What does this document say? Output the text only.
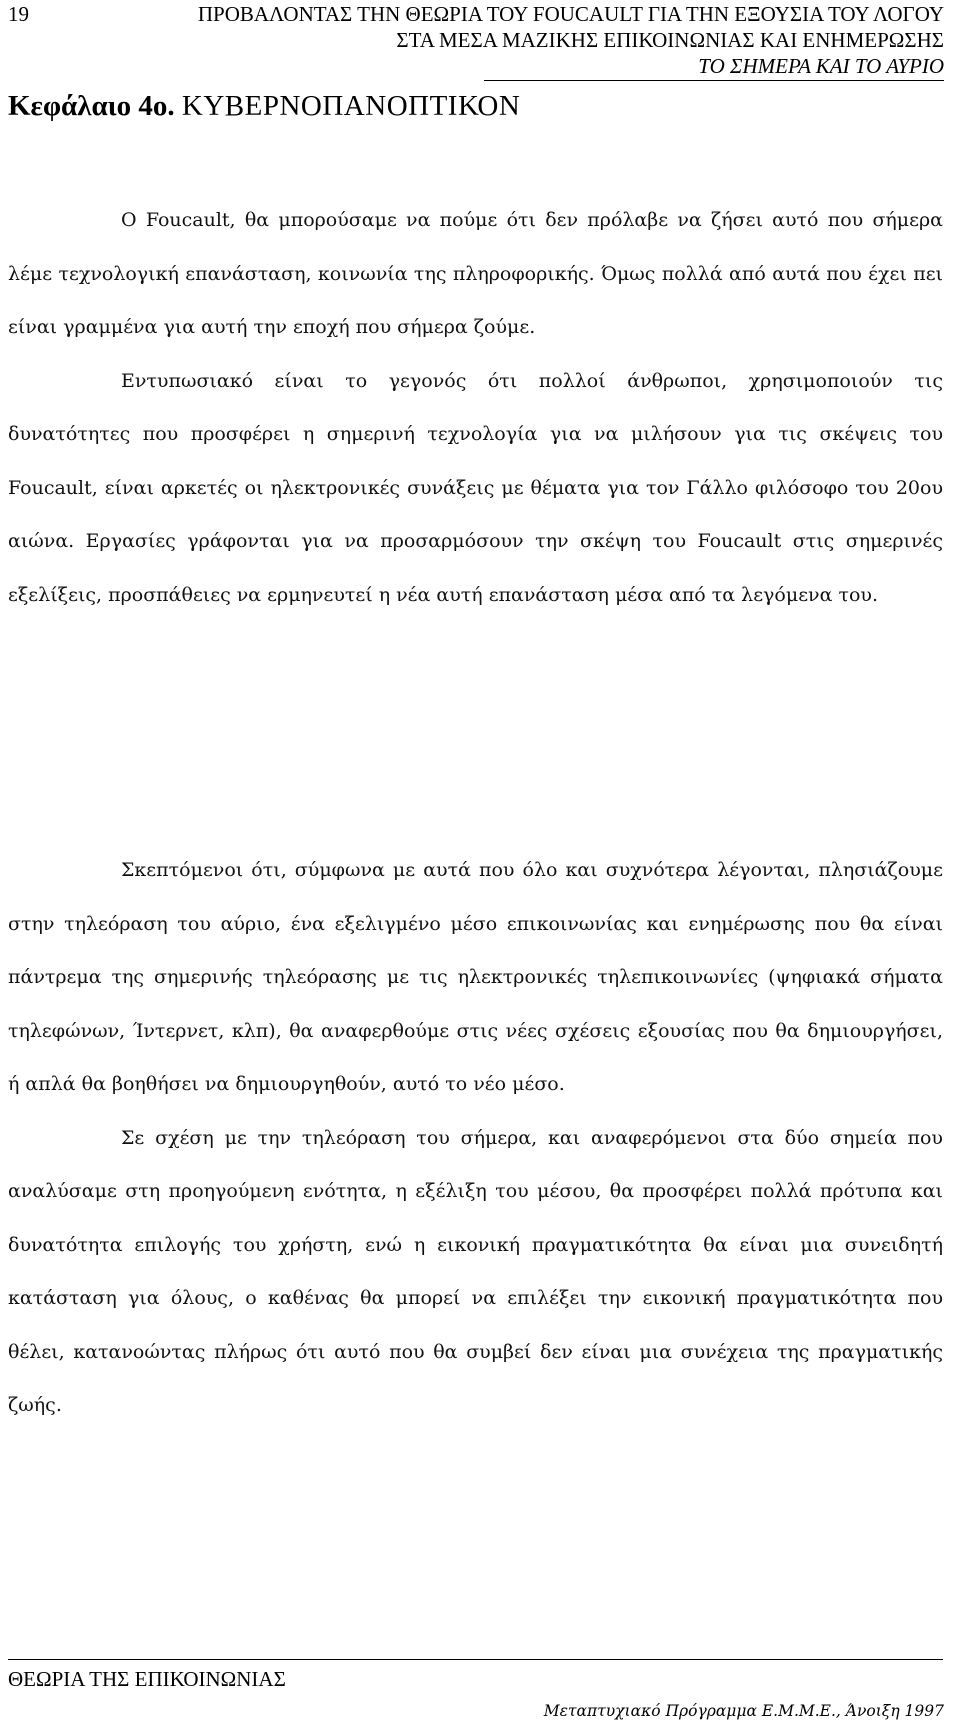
19	ΠΡΟΒΑΛΟΝΤΑΣ ΤΗΝ ΘΕΩΡΙΑ ΤΟΥ FOUCAULT ΓΙΑ ΤΗΝ ΕΞΟΥΣΙΑ ΤΟΥ ΛΟΓΟΥ
ΣΤΑ ΜΕΣΑ ΜΑΖΙΚΗΣ ΕΠΙΚΟΙΝΩΝΙΑΣ ΚΑΙ ΕΝΗΜΕΡΩΣΗΣ
ΤΟ ΣΗΜΕΡΑ ΚΑΙ ΤΟ ΑΥΡΙΟ
Κεφάλαιο 4ο. ΚΥΒΕΡΝΟΠΑΝΟΠΤΙΚΟΝ

Ο Foucault, θα μπορούσαμε να πούμε ότι δεν πρόλαβε να ζήσει αυτό που σήμερα λέμε τεχνολογική επανάσταση, κοινωνία της πληροφορικής. Όμως πολλά από αυτά που έχει πει είναι γραμμένα για αυτή την εποχή που σήμερα ζούμε.

Εντυπωσιακό είναι το γεγονός ότι πολλοί άνθρωποι, χρησιμοποιούν τις δυνατότητες που προσφέρει η σημερινή τεχνολογία για να μιλήσουν για τις σκέψεις του Foucault, είναι αρκετές οι ηλεκτρονικές συνάξεις με θέματα για τον Γάλλο φιλόσοφο του 20ου αιώνα. Εργασίες γράφονται για να προσαρμόσουν την σκέψη του Foucault στις σημερινές εξελίξεις, προσπάθειες να ερμηνευτεί η νέα αυτή επανάσταση μέσα από τα λεγόμενα του.

Σκεπτόμενοι ότι, σύμφωνα με αυτά που όλο και συχνότερα λέγονται, πλησιάζουμε στην τηλεόραση του αύριο, ένα εξελιγμένο μέσο επικοινωνίας και ενημέρωσης που θα είναι πάντρεμα της σημερινής τηλεόρασης με τις ηλεκτρονικές τηλεπικοινωνίες (ψηφιακά σήματα τηλεφώνων, Ίντερνετ, κλπ), θα αναφερθούμε στις νέες σχέσεις εξουσίας που θα δημιουργήσει, ή απλά θα βοηθήσει να δημιουργηθούν, αυτό το νέο μέσο.

Σε σχέση με την τηλεόραση του σήμερα, και αναφερόμενοι στα δύο σημεία που αναλύσαμε στη προηγούμενη ενότητα, η εξέλιξη του μέσου, θα προσφέρει πολλά πρότυπα και δυνατότητα επιλογής του χρήστη, ενώ η εικονική πραγματικότητα θα είναι μια συνειδητή κατάσταση για όλους, ο καθένας θα μπορεί να επιλέξει την εικονική πραγματικότητα που θέλει, κατανοώντας πλήρως ότι αυτό που θα συμβεί δεν είναι μια συνέχεια της πραγματικής ζωής.

ΘΕΩΡΙΑ ΤΗΣ ΕΠΙΚΟΙΝΩΝΙΑΣ
Μεταπτυχιακό Πρόγραμμα Ε.Μ.Μ.Ε., Άνοιξη 1997
